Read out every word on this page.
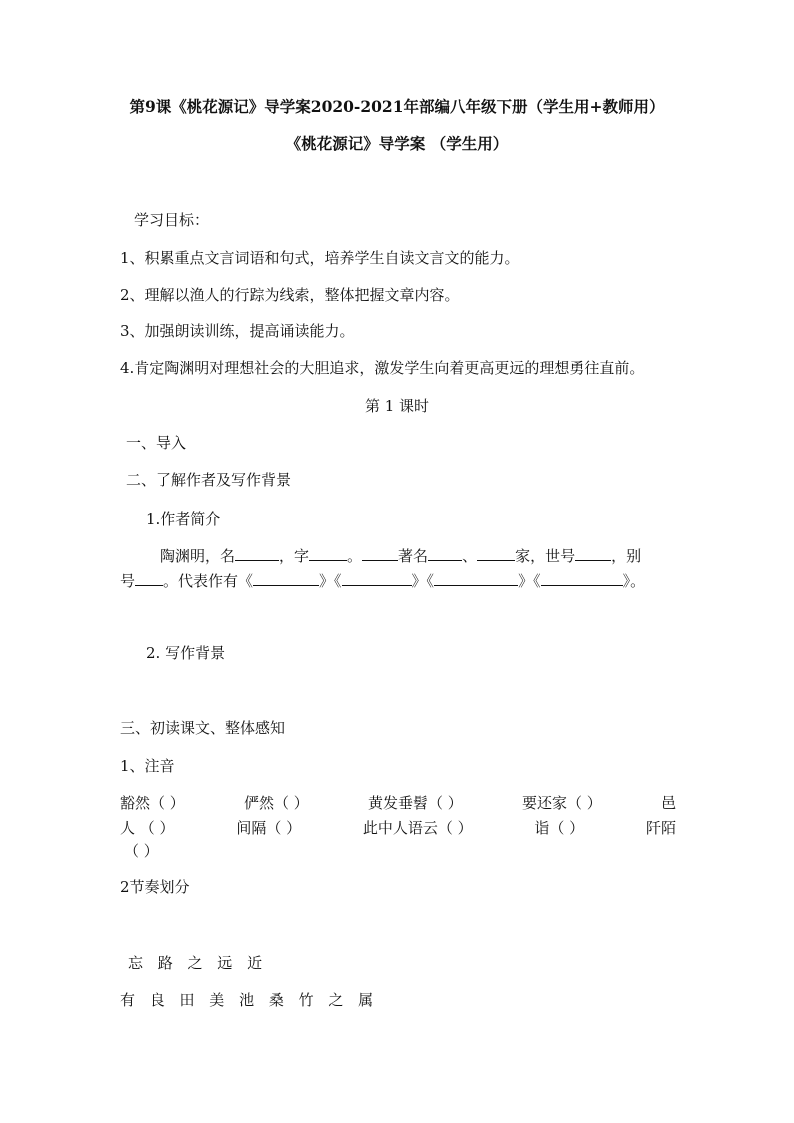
第9课《桃花源记》导学案2020-2021年部编八年级下册（学生用+教师用）
《桃花源记》导学案 （学生用）
学习目标：
1、积累重点文言词语和句式，培养学生自读文言文的能力。
2、理解以渔人的行踪为线索，整体把握文章内容。
3、加强朗读训练，提高诵读能力。
4.肯定陶渊明对理想社会的大胆追求，激发学生向着更高更远的理想勇往直前。
第 1 课时
一、导入
二、了解作者及写作背景
1.作者简介
陶渊明，名	，字	。 著名 、	家，世号 ，别
号 。代表作有《	》《	》《	》《	》。
2. 写作背景
三、初读课文、整体感知
1、注音
豁然（ ）	俨然（ ）	黄发垂髫（ ）	要还家（ ）	邑
人 （ ）	间隔（ ）	此中人语云（ ）	诣（ ）	阡陌
（ ）
2节奏划分
忘 路 之 远 近
有 良 田 美 池 桑 竹 之 属
